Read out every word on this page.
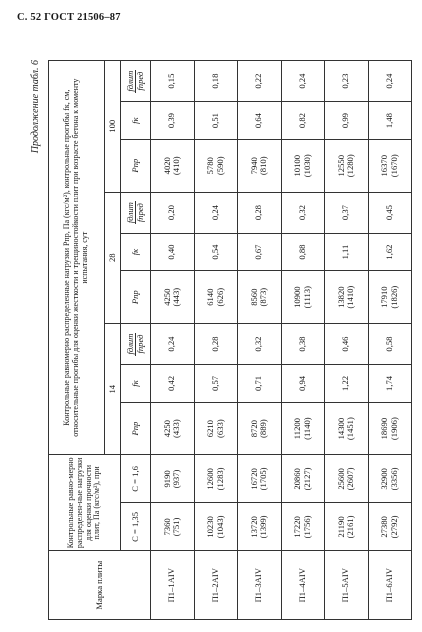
С. 52 ГОСТ 21506–87
Продолжение табл. 6
Марка плиты	Контрольные равно-мерно распределен-ные нагрузки для оценки прочности плит, Па (кгс/м²), при		Контрольные равномерно распределенные нагрузки Pпр, Па (кгс/м²), контрольные прогибы fк, см, относительные прогибы для оценки жесткости и трещиностойкости плит при возрасте бетона к моменту испытания, сут								
			14			28			100		
	С = 1,35	С = 1,6	Pпр	fк	fдлит fпред	Pпр	fк	fдлит fпред	Pпр	fк	fдлит fпред

П1–1AIV	7360 (751)	9190 (937)	4250 (433)	0,42	0,24	4250 (443)	0,40	0,20	4020 (410)	0,39	0,15
П1–2AIV	10230 (1043)	12600 (1283)	6210 (633)	0,57	0,28	6140 (626)	0,54	0,24	5780 (590)	0,51	0,18
П1–3AIV	13720 (1399)	16720 (1705)	8720 (889)	0,71	0,32	8560 (873)	0,67	0,28	7940 (810)	0,64	0,22
П1–4AIV	17220 (1756)	20860 (2127)	11200 (1140)	0,94	0,38	10900 (1113)	0,88	0,32	10100 (1030)	0,82	0,24
П1–5AIV	21190 (2161)	25600 (2607)	14300 (1451)	1,22	0,46	13820 (1410)	1,11	0,37	12550 (1280)	0,99	0,23
П1–6AIV	27380 (2792)	32900 (3356)	18690 (1906)	1,74	0,58	17910 (1826)	1,62	0,45	16370 (1670)	1,48	0,24
